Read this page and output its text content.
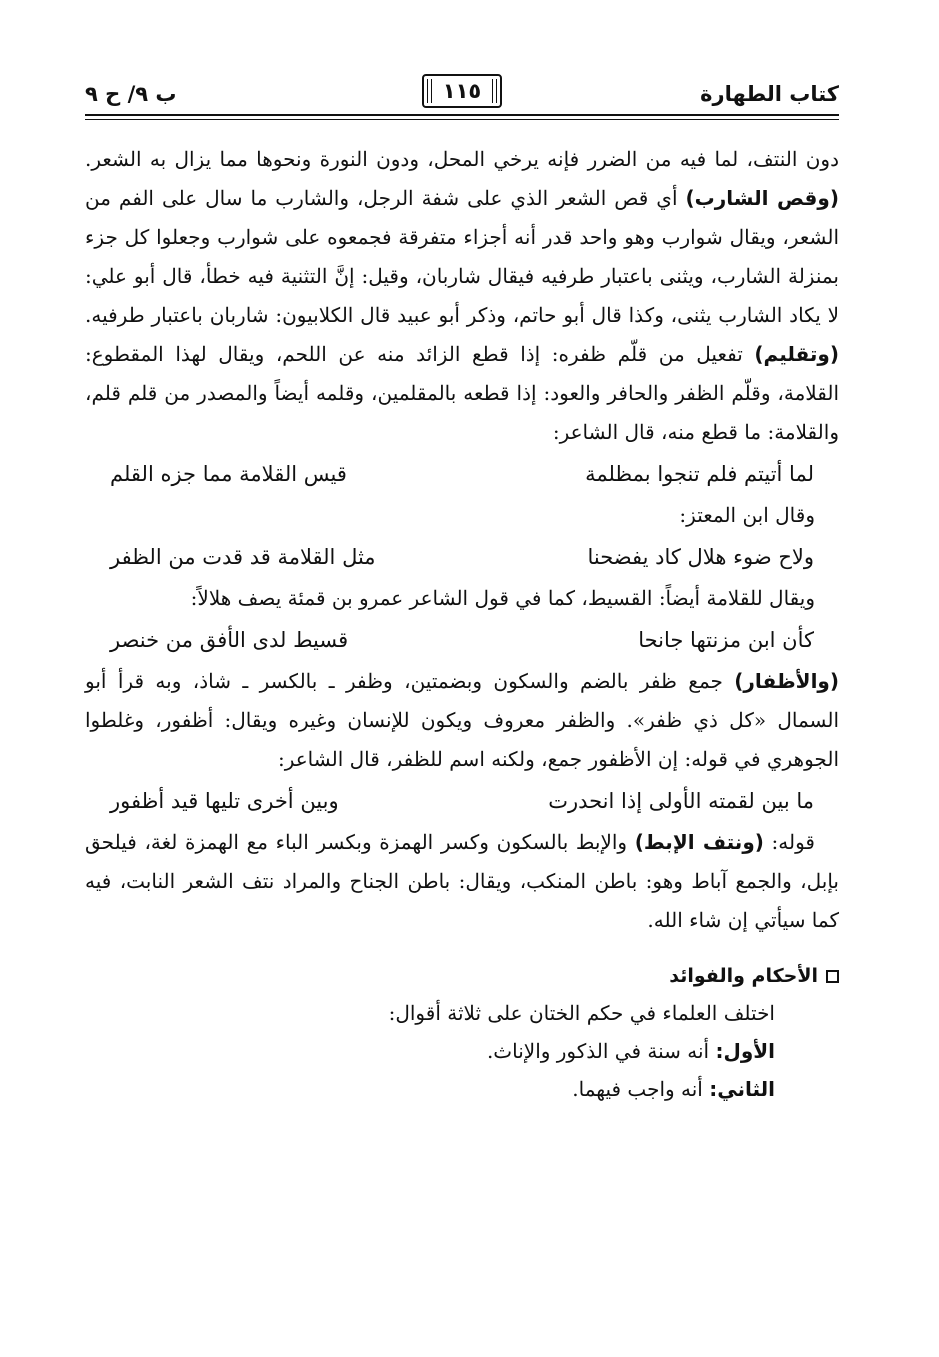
كتاب الطهارة
١١٥
ب ٩/ ح ٩

دون النتف، لما فيه من الضرر فإنه يرخي المحل، ودون النورة ونحوها مما يزال به الشعر. (وقص الشارب) أي قص الشعر الذي على شفة الرجل، والشارب ما سال على الفم من الشعر، ويقال شوارب وهو واحد قدر أنه أجزاء متفرقة فجمعوه على شوارب وجعلوا كل جزء بمنزلة الشارب، ويثنى باعتبار طرفيه فيقال شاربان، وقيل: إنَّ التثنية فيه خطأ، قال أبو علي: لا يكاد الشارب يثنى، وكذا قال أبو حاتم، وذكر أبو عبيد قال الكلابيون: شاربان باعتبار طرفيه. (وتقليم) تفعيل من قلّم ظفره: إذا قطع الزائد منه عن اللحم، ويقال لهذا المقطوع: القلامة، وقلّم الظفر والحافر والعود: إذا قطعه بالمقلمين، وقلمه أيضاً والمصدر من قلم قلم، والقلامة: ما قطع منه، قال الشاعر:

لما أتيتم فلم تنجوا بمظلمة
قيس القلامة مما جزه القلم

وقال ابن المعتز:

ولاح ضوء هلال كاد يفضحنا
مثل القلامة قد قدت من الظفر

ويقال للقلامة أيضاً: القسيط، كما في قول الشاعر عمرو بن قمئة يصف هلالاً:

كأن ابن مزنتها جانحا
قسيط لدى الأفق من خنصر

(والأظفار) جمع ظفر بالضم والسكون وبضمتين، وظفر ـ بالكسر ـ شاذ، وبه قرأ أبو السمال «كل ذي ظفر». والظفر معروف ويكون للإنسان وغيره ويقال: أظفور، وغلطوا الجوهري في قوله: إن الأظفور جمع، ولكنه اسم للظفر، قال الشاعر:

ما بين لقمته الأولى إذا انحدرت
وبين أخرى تليها قيد أظفور

قوله: (ونتف الإبط) والإبط بالسكون وكسر الهمزة وبكسر الباء مع الهمزة لغة، فيلحق بإبل، والجمع آباط وهو: باطن المنكب، ويقال: باطن الجناح والمراد نتف الشعر النابت، فيه كما سيأتي إن شاء الله.

الأحكام والفوائد
اختلف العلماء في حكم الختان على ثلاثة أقوال:
الأول: أنه سنة في الذكور والإناث.
الثاني: أنه واجب فيهما.
